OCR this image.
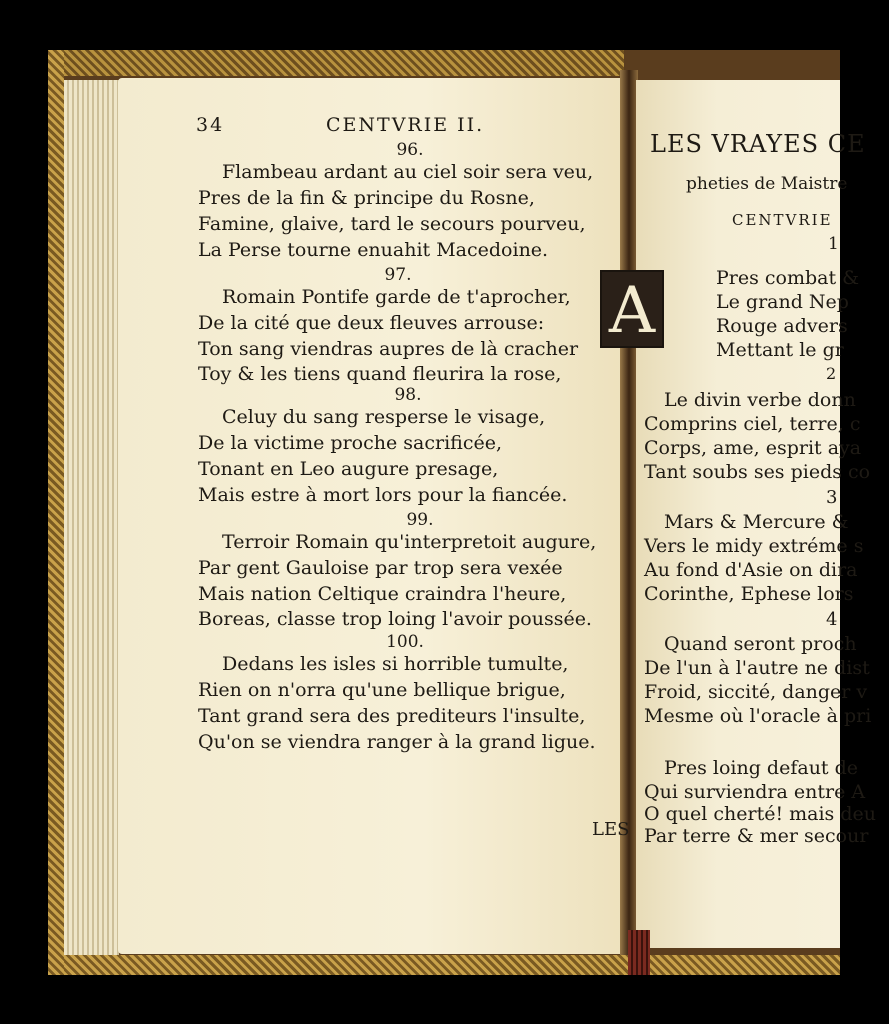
34	CENTVRIE II.
96.
Flambeau ardant au ciel soir sera veu,
Pres de la fin & principe du Rosne,
Famine, glaive, tard le secours pourveu,
La Perse tourne enuahit Macedoine.
97.
Romain Pontife garde de t'aprocher,
De la cité que deux fleuves arrouse:
Ton sang viendras aupres de là cracher
Toy & les tiens quand fleurira la rose,
98.
Celuy du sang resperse le visage,
De la victime proche sacrificée,
Tonant en Leo augure presage,
Mais estre à mort lors pour la fiancée.
99.
Terroir Romain qu'interpretoit augure,
Par gent Gauloise par trop sera vexée
Mais nation Celtique craindra l'heure,
Boreas, classe trop loing l'avoir poussée.
100.
Dedans les isles si horrible tumulte,
Rien on n'orra qu'une bellique brigue,
Tant grand sera des prediteurs l'insulte,
Qu'on se viendra ranger à la grand ligue.
LES
LES VRAYES CE
pheties de Maistre
CENTVRIE
1
Pres combat &
Le grand Nep
Rouge advers
Mettant le gr
2
Le divin verbe donn
Comprins ciel, terre, c
Corps, ame, esprit aya
Tant soubs ses pieds co
3
Mars & Mercure &
Vers le midy extréme s
Au fond d'Asie on dira
Corinthe, Ephese lors
4
Quand seront proch
De l'un à l'autre ne dist
Froid, siccité, danger v
Mesme où l'oracle à pri
Pres loing defaut de
Qui surviendra entre A
O quel cherté! mais deu
Par terre & mer secour
A
